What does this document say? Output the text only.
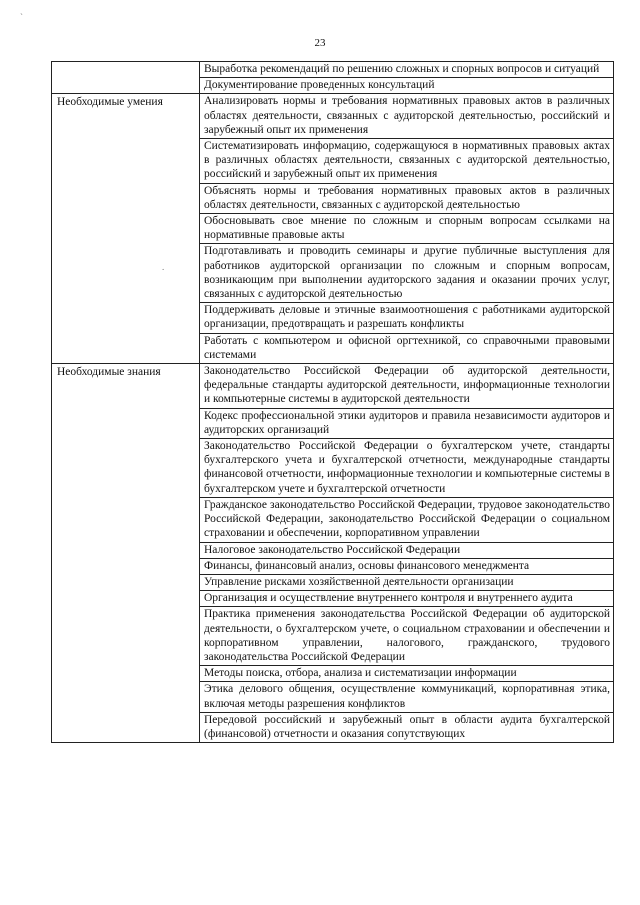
ˋ
.
23
	Выработка рекомендаций по решению сложных и спорных вопросов и ситуаций
	Документирование проведенных консультаций
Необходимые умения	Анализировать нормы и требования нормативных правовых актов в различных областях деятельности, связанных с аудиторской деятельностью, российский и зарубежный опыт их применения
	Систематизировать информацию, содержащуюся в нормативных правовых актах в различных областях деятельности, связанных с аудиторской деятельностью, российский и зарубежный опыт их применения
	Объяснять нормы и требования нормативных правовых актов в различных областях деятельности, связанных с аудиторской деятельностью
	Обосновывать свое мнение по сложным и спорным вопросам ссылками на нормативные правовые акты
	Подготавливать и проводить семинары и другие публичные выступления для работников аудиторской организации по сложным и спорным вопросам, возникающим при выполнении аудиторского задания и оказании прочих услуг, связанных с аудиторской деятельностью
	Поддерживать деловые и этичные взаимоотношения с работниками аудиторской организации, предотвращать и разрешать конфликты
	Работать с компьютером и офисной оргтехникой, со справочными правовыми системами
Необходимые знания	Законодательство Российской Федерации об аудиторской деятельности, федеральные стандарты аудиторской деятельности, информационные технологии и компьютерные системы в аудиторской деятельности
	Кодекс профессиональной этики аудиторов и правила независимости аудиторов и аудиторских организаций
	Законодательство Российской Федерации о бухгалтерском учете, стандарты бухгалтерского учета и бухгалтерской отчетности, международные стандарты финансовой отчетности, информационные технологии и компьютерные системы в бухгалтерском учете и бухгалтерской отчетности
	Гражданское законодательство Российской Федерации, трудовое законодательство Российской Федерации, законодательство Российской Федерации о социальном страховании и обеспечении, корпоративном управлении
	Налоговое законодательство Российской Федерации
	Финансы, финансовый анализ, основы финансового менеджмента
	Управление рисками хозяйственной деятельности организации
	Организация и осуществление внутреннего контроля и внутреннего аудита
	Практика применения законодательства Российской Федерации об аудиторской деятельности, о бухгалтерском учете, о социальном страховании и обеспечении и корпоративном управлении, налогового, гражданского, трудового законодательства Российской Федерации
	Методы поиска, отбора, анализа и систематизации информации
	Этика делового общения, осуществление коммуникаций, корпоративная этика, включая методы разрешения конфликтов
	Передовой российский и зарубежный опыт в области аудита бухгалтерской (финансовой) отчетности и оказания сопутствующих
